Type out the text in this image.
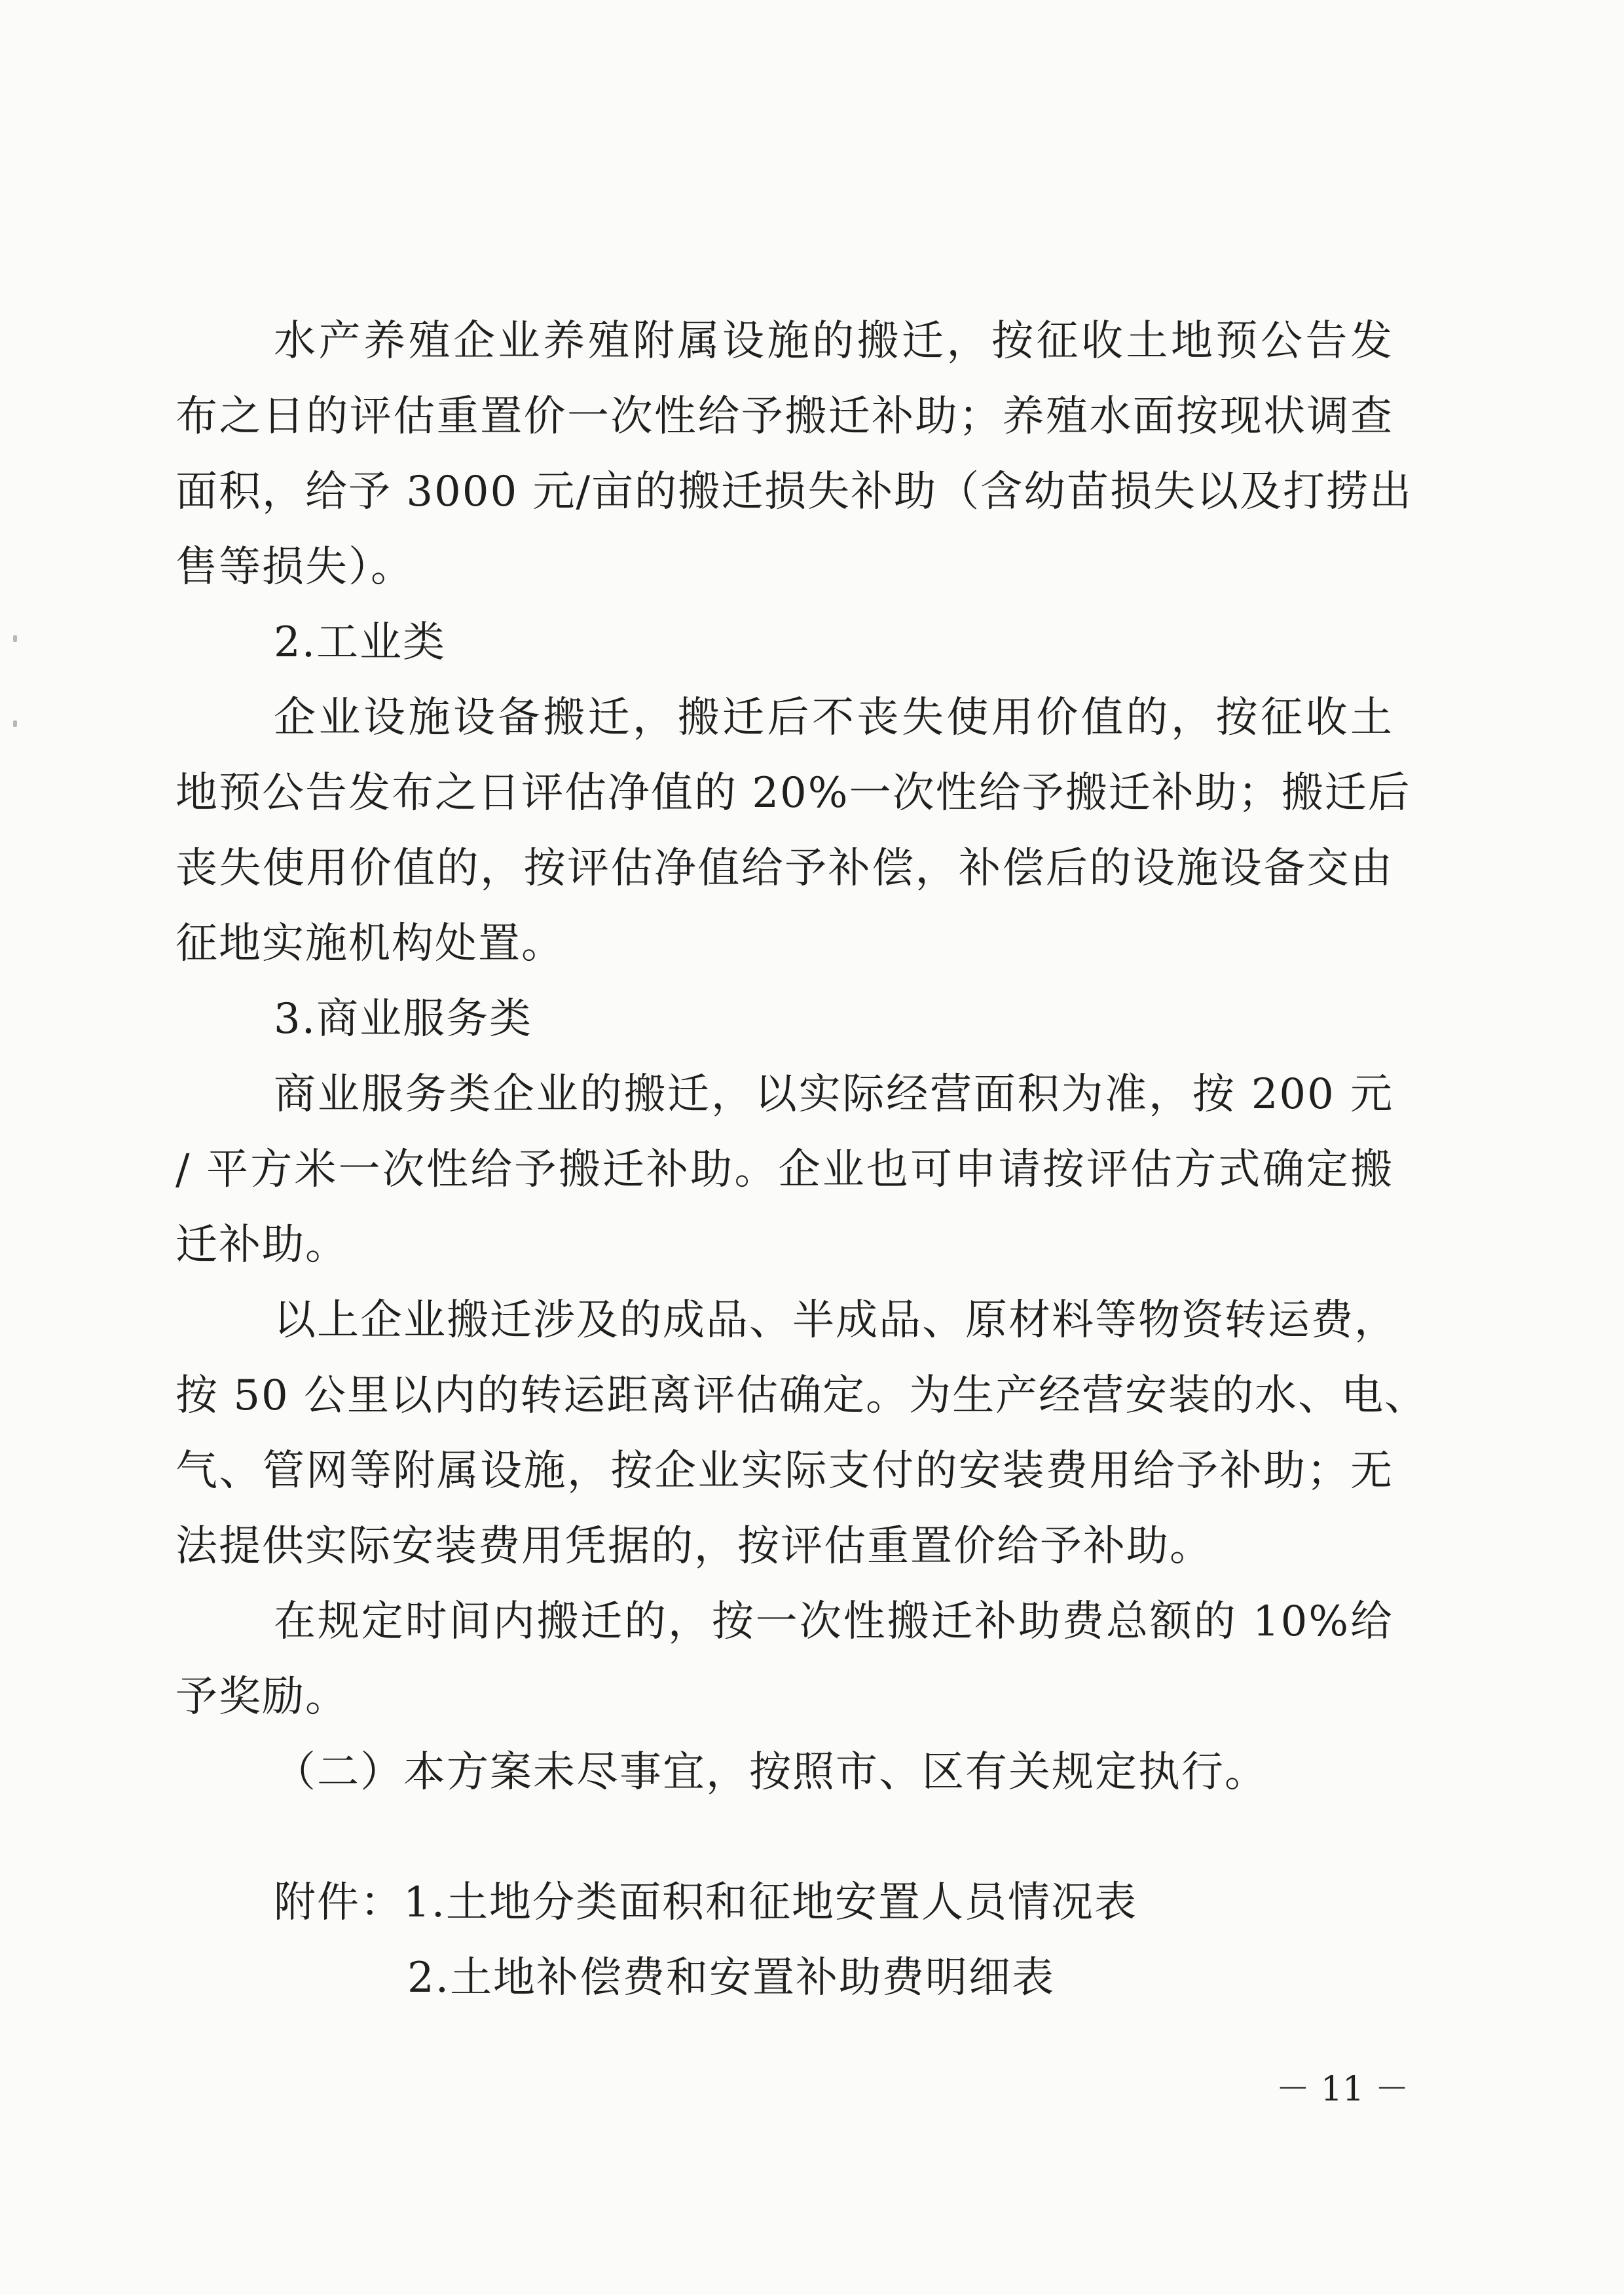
水产养殖企业养殖附属设施的搬迁，按征收土地预公告发
布之日的评估重置价一次性给予搬迁补助；养殖水面按现状调查
面积，给予 3000 元/亩的搬迁损失补助（含幼苗损失以及打捞出
售等损失）。
2.工业类
企业设施设备搬迁，搬迁后不丧失使用价值的，按征收土
地预公告发布之日评估净值的 20%一次性给予搬迁补助；搬迁后
丧失使用价值的，按评估净值给予补偿，补偿后的设施设备交由
征地实施机构处置。
3.商业服务类
商业服务类企业的搬迁，以实际经营面积为准，按 200 元
/ 平方米一次性给予搬迁补助。企业也可申请按评估方式确定搬
迁补助。
以上企业搬迁涉及的成品、半成品、原材料等物资转运费，
按 50 公里以内的转运距离评估确定。为生产经营安装的水、电、
气、管网等附属设施，按企业实际支付的安装费用给予补助；无
法提供实际安装费用凭据的，按评估重置价给予补助。
在规定时间内搬迁的，按一次性搬迁补助费总额的 10%给
予奖励。
（二）本方案未尽事宜，按照市、区有关规定执行。
附件：1.土地分类面积和征地安置人员情况表
2.土地补偿费和安置补助费明细表
－ 11 －
